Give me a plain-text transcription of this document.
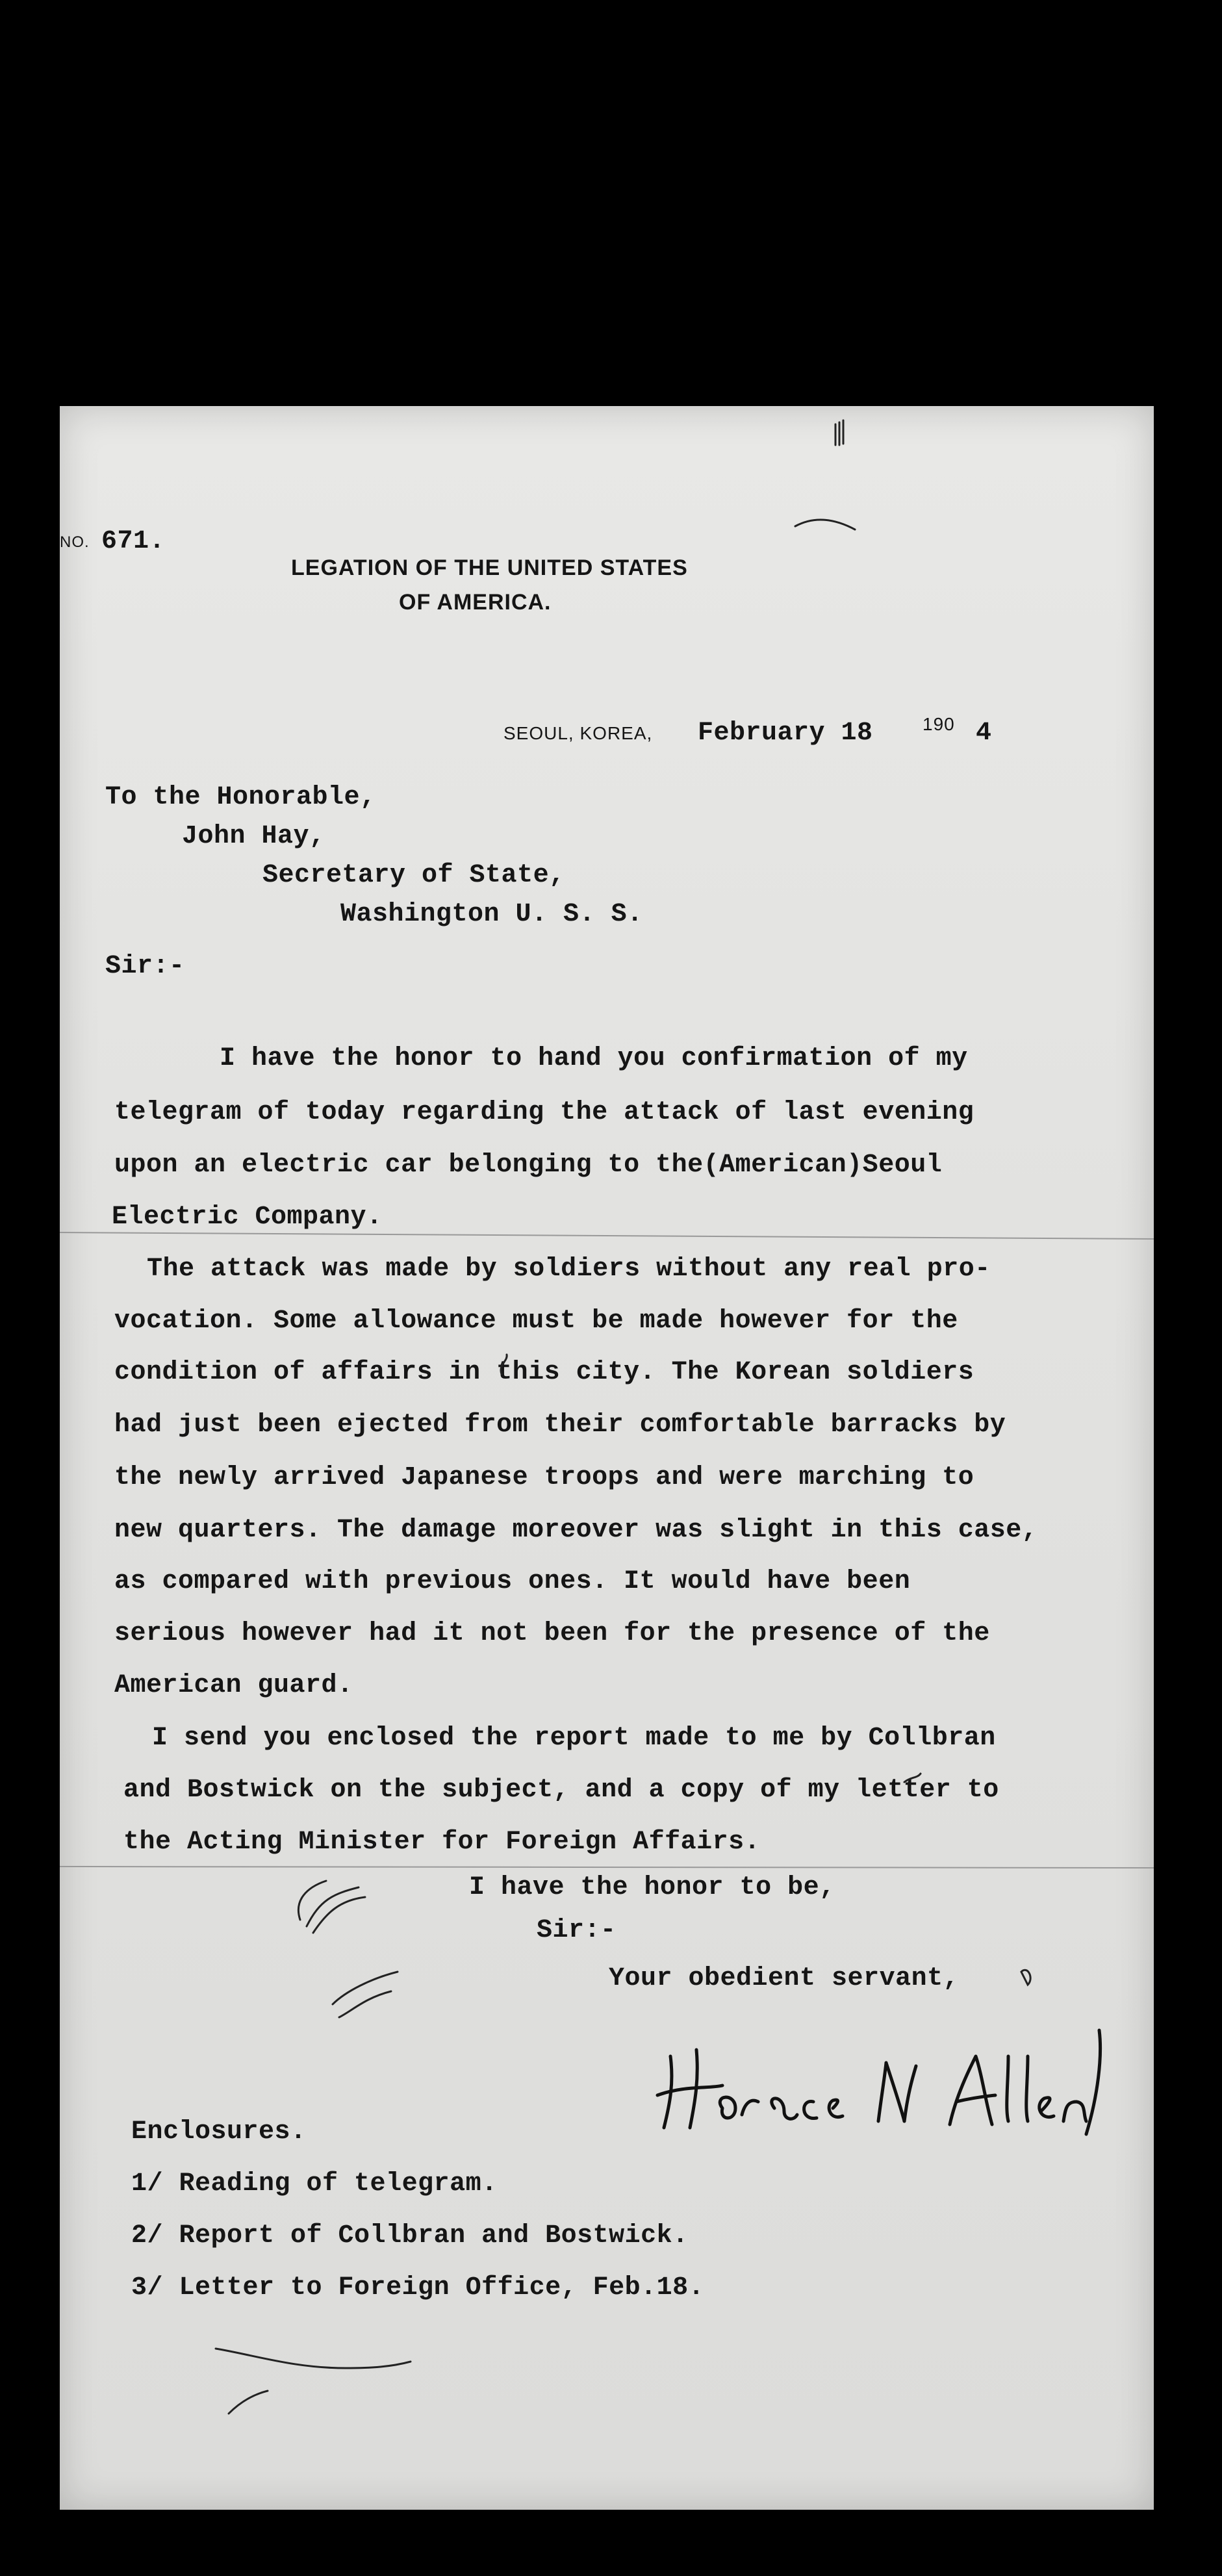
NO. 671.
LEGATION OF THE UNITED STATES
OF AMERICA.
SEOUL, KOREA, February 18	190 4
To the Honorable,
John Hay,
Secretary of State,
Washington U. S. S.
Sir:-
I have the honor to hand you confirmation of my
telegram of today regarding the attack of last evening
upon an electric car belonging to the(American)Seoul
Electric Company.
The attack was made by soldiers without any real pro-
vocation. Some allowance must be made however for the
condition of affairs in this city. The Korean soldiers
had just been ejected from their comfortable barracks by
the newly arrived Japanese troops and were marching to
new quarters. The damage moreover was slight in this case,
as compared with previous ones. It would have been
serious however had it not been for the presence of the
American guard.
I send you enclosed the report made to me by Collbran
and Bostwick on the subject, and a copy of my letter to
the Acting Minister for Foreign Affairs.
I have the honor to be,
Sir:-
Your obedient servant,
Enclosures.
1/ Reading of telegram.
2/ Report of Collbran and Bostwick.
3/ Letter to Foreign Office, Feb.18.
